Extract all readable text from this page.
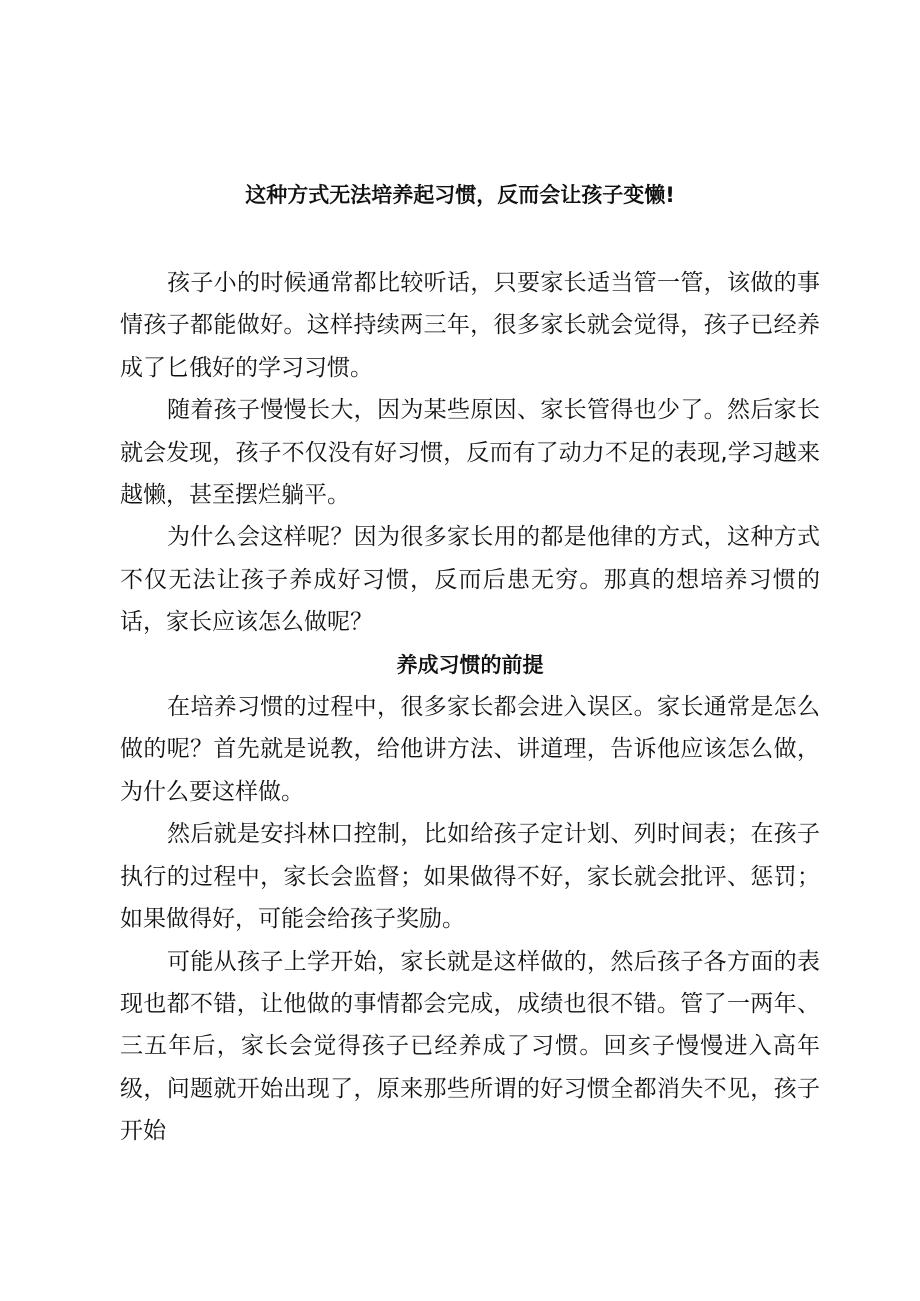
这种方式无法培养起习惯，反而会让孩子变懒!

孩子小的时候通常都比较听话，只要家长适当管一管，该做的事情孩子都能做好。这样持续两三年，很多家长就会觉得，孩子已经养成了匕俄好的学习习惯。

随着孩子慢慢长大，因为某些原因、家长管得也少了。然后家长就会发现，孩子不仅没有好习惯，反而有了动力不足的表现,学习越来越懒，甚至摆烂躺平。

为什么会这样呢？因为很多家长用的都是他律的方式，这种方式不仅无法让孩子养成好习惯，反而后患无穷。那真的想培养习惯的话，家长应该怎么做呢？

养成习惯的前提

在培养习惯的过程中，很多家长都会进入误区。家长通常是怎么做的呢？首先就是说教，给他讲方法、讲道理，告诉他应该怎么做，为什么要这样做。

然后就是安抖林口控制，比如给孩子定计划、列时间表；在孩子执行的过程中，家长会监督；如果做得不好，家长就会批评、惩罚；如果做得好，可能会给孩子奖励。

可能从孩子上学开始，家长就是这样做的，然后孩子各方面的表现也都不错，让他做的事情都会完成，成绩也很不错。管了一两年、三五年后，家长会觉得孩子已经养成了习惯。回亥子慢慢进入高年级，问题就开始出现了，原来那些所谓的好习惯全都消失不见，孩子开始
